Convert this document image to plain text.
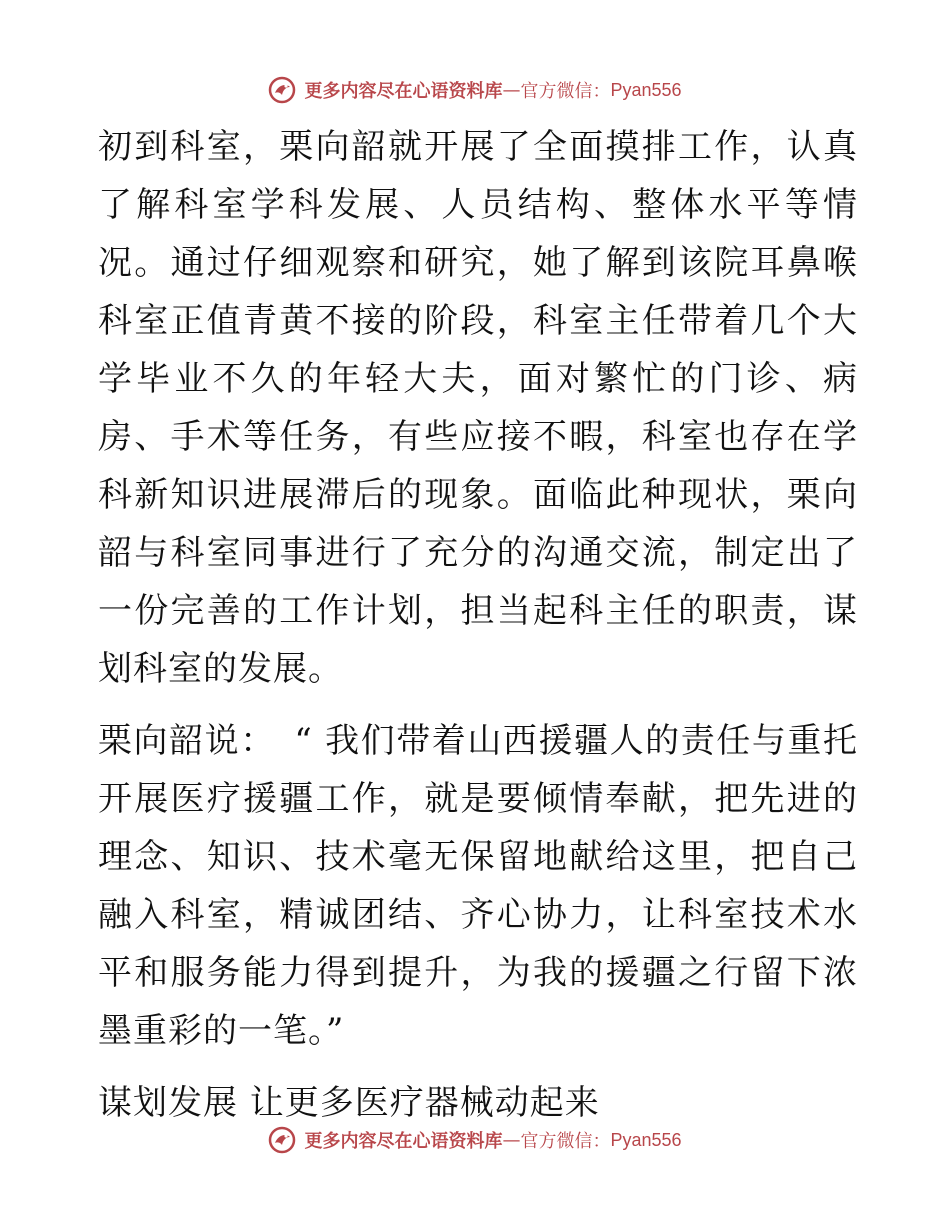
更多内容尽在心语资料库 — 官方微信： Pyan556

初到科室，栗向韶就开展了全面摸排工作，认真了解科室学科发展、人员结构、整体水平等情况。通过仔细观察和研究，她了解到该院耳鼻喉科室正值青黄不接的阶段，科室主任带着几个大学毕业不久的年轻大夫，面对繁忙的门诊、病房、手术等任务，有些应接不暇，科室也存在学科新知识进展滞后的现象。面临此种现状，栗向韶与科室同事进行了充分的沟通交流，制定出了一份完善的工作计划，担当起科主任的职责，谋划科室的发展。

栗向韶说：　“ 我们带着山西援疆人的责任与重托开展医疗援疆工作，就是要倾情奉献，把先进的理念、知识、技术毫无保留地献给这里，把自己融入科室，精诚团结、齐心协力，让科室技术水平和服务能力得到提升，为我的援疆之行留下浓墨重彩的一笔。”

谋划发展 让更多医疗器械动起来

更多内容尽在心语资料库 — 官方微信： Pyan556
